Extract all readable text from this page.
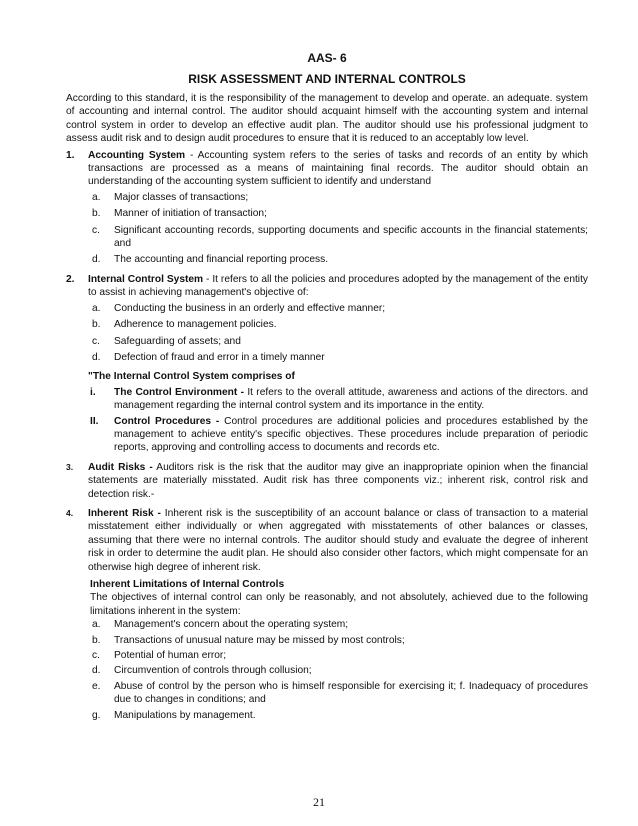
AAS- 6
RISK ASSESSMENT AND INTERNAL CONTROLS

According to this standard, it is the responsibility of the management to develop and operate. an adequate. system of accounting and internal control. The auditor should acquaint himself with the accounting system and internal control system in order to develop an effective audit plan. The auditor should use his professional judgment to assess audit risk and to design audit procedures to ensure that it is reduced to an acceptably low level.

1.	Accounting System - Accounting system refers to the series of tasks and records of an entity by which transactions are processed as a means of maintaining final records. The auditor should obtain an understanding of the accounting system sufficient to identify and understand
a.	Major classes of transactions;
b.	Manner of initiation of transaction;
c.	Significant accounting records, supporting documents and specific accounts in the financial statements; and
d.	The accounting and financial reporting process.
2.	Internal Control System - It refers to all the policies and procedures adopted by the management of the entity to assist in achieving management's objective of:
a.	Conducting the business in an orderly and effective manner;
b.	Adherence to management policies.
c.	Safeguarding of assets; and
d.	Defection of fraud and error in a timely manner
"The Internal Control System comprises of
i.	The Control Environment - It refers to the overall attitude, awareness and actions of the directors. and management regarding the internal control system and its importance in the entity.
II.	Control Procedures - Control procedures are additional policies and procedures established by the management to achieve entity's specific objectives. These procedures include preparation of periodic reports, approving and controlling access to documents and records etc.
3.	Audit Risks - Auditors risk is the risk that the auditor may give an inappropriate opinion when the financial statements are materially misstated. Audit risk has three components viz.; inherent risk, control risk and detection risk.-
4.	Inherent Risk - Inherent risk is the susceptibility of an account balance or class of transaction to a material misstatement either individually or when aggregated with misstatements of other balances or classes, assuming that there were no internal controls. The auditor should study and evaluate the degree of inherent risk in order to determine the audit plan. He should also consider other factors, which might compensate for an otherwise high degree of inherent risk.
Inherent Limitations of Internal Controls
The objectives of internal control can only be reasonably, and not absolutely, achieved due to the following limitations inherent in the system:
a.	Management's concern about the operating system;
b.	Transactions of unusual nature may be missed by most controls;
c.	Potential of human error;
d.	Circumvention of controls through collusion;
e.	Abuse of control by the person who is himself responsible for exercising it; f. Inadequacy of procedures due to changes in conditions; and
g.	Manipulations by management.
21
